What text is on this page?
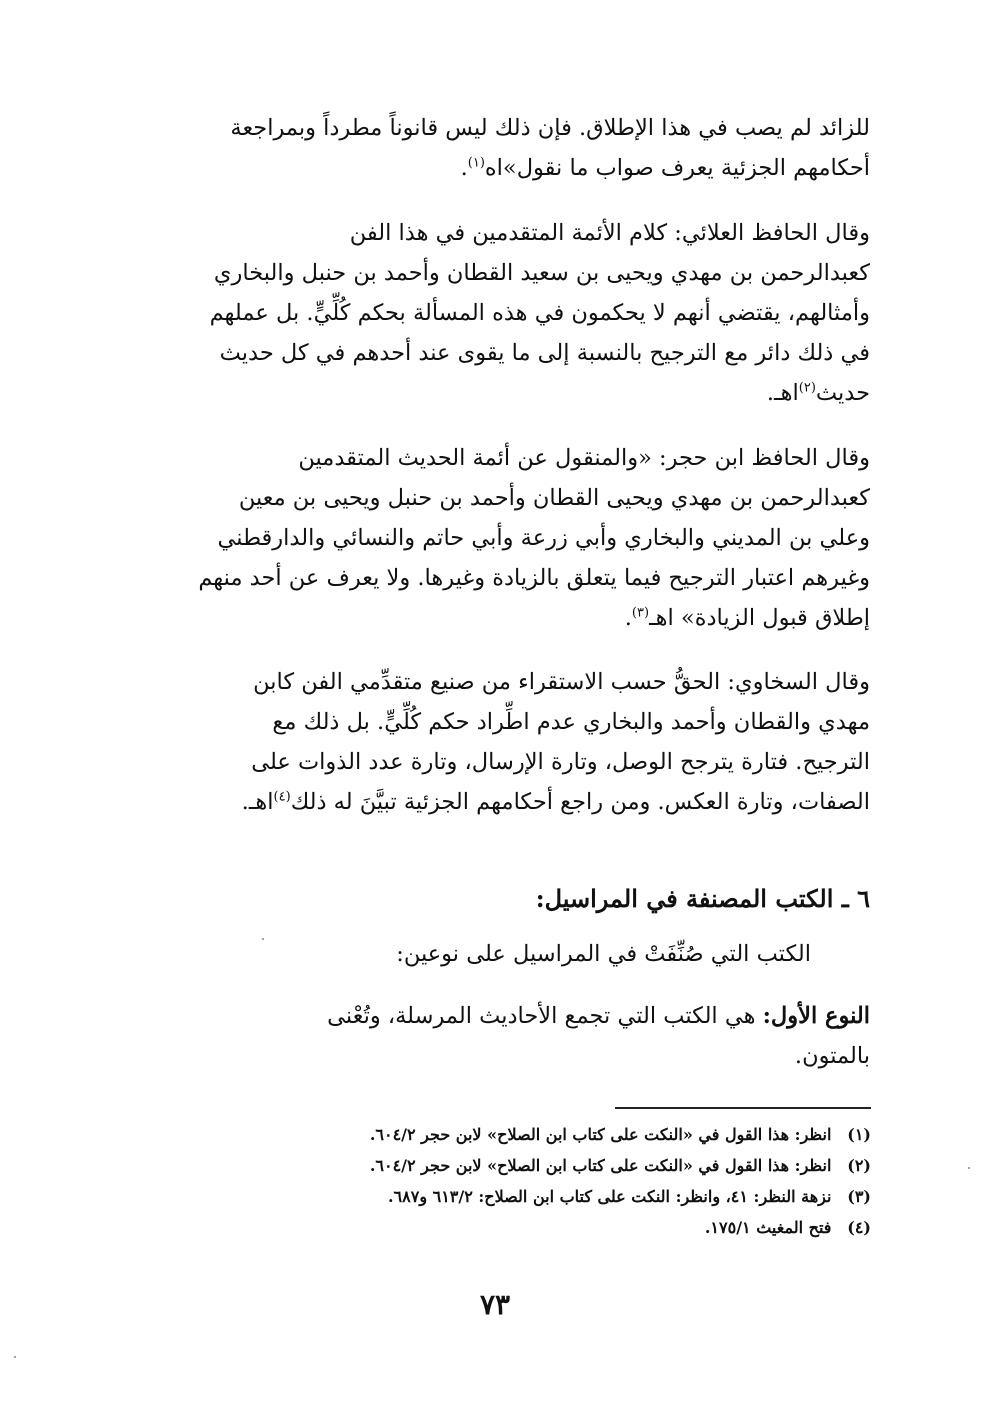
للزائد لم يصب في هذا الإطلاق. فإن ذلك ليس قانوناً مطرداً وبمراجعة
أحكامهم الجزئية يعرف صواب ما نقول»اه$^{(١)}$.

وقال الحافظ العلائي: كلام الأئمة المتقدمين في هذا الفن
كعبدالرحمن بن مهدي ويحيى بن سعيد القطان وأحمد بن حنبل والبخاري
وأمثالهم، يقتضي أنهم لا يحكمون في هذه المسألة بحكم كُلِّيٍّ. بل عملهم
في ذلك دائر مع الترجيح بالنسبة إلى ما يقوى عند أحدهم في كل حديث
حديث$^{(٢)}$اهـ.

وقال الحافظ ابن حجر: «والمنقول عن أئمة الحديث المتقدمين
كعبدالرحمن بن مهدي ويحيى القطان وأحمد بن حنبل ويحيى بن معين
وعلي بن المديني والبخاري وأبي زرعة وأبي حاتم والنسائي والدارقطني
وغيرهم اعتبار الترجيح فيما يتعلق بالزيادة وغيرها. ولا يعرف عن أحد منهم
إطلاق قبول الزيادة» اهـ$^{(٣)}$.

وقال السخاوي: الحقُّ حسب الاستقراء من صنيع متقدِّمي الفن كابن
مهدي والقطان وأحمد والبخاري عدم اطِّراد حكم كُلِّيٍّ. بل ذلك مع
الترجيح. فتارة يترجح الوصل، وتارة الإرسال، وتارة عدد الذوات على
الصفات، وتارة العكس. ومن راجع أحكامهم الجزئية تبيَّنَ له ذلك$^{(٤)}$اهـ.

٦ ـ الكتب المصنفة في المراسيل:
الكتب التي صُنِّفَتْ في المراسيل على نوعين:
النوع الأول: هي الكتب التي تجمع الأحاديث المرسلة، وتُعْنى
بالمتون.
(١) انظر: هذا القول في «النكت على كتاب ابن الصلاح» لابن حجر ٦٠٤/٢.
(٢) انظر: هذا القول في «النكت على كتاب ابن الصلاح» لابن حجر ٦٠٤/٢.
(٣) نزهة النظر: ٤١، وانظر: النكت على كتاب ابن الصلاح: ٦١٣/٢ و٦٨٧.
(٤) فتح المغيث ١٧٥/١.
٧٣
